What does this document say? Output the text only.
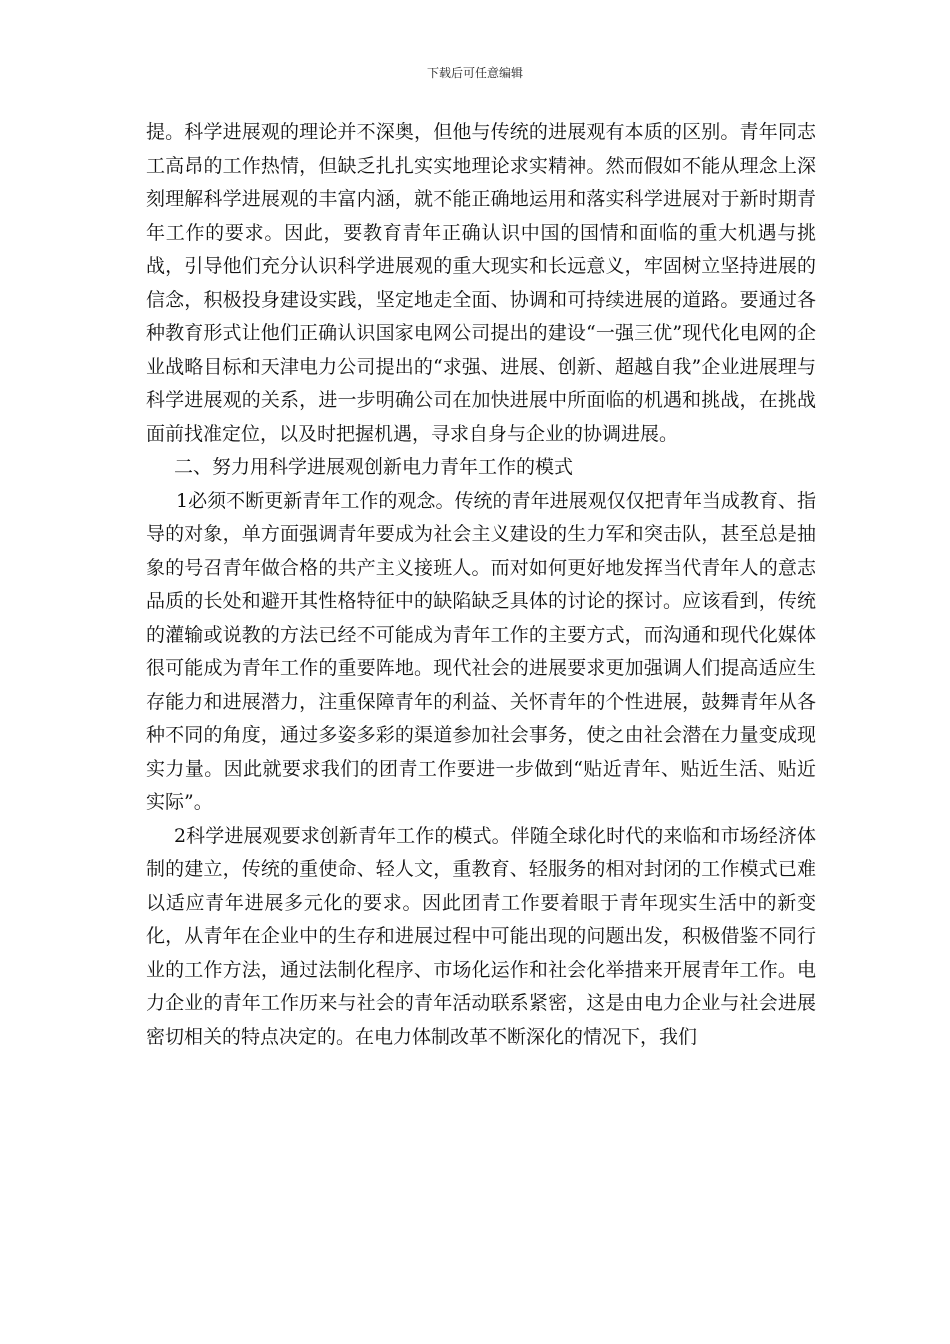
下载后可任意编辑

提。科学进展观的理论并不深奥，但他与传统的进展观有本质的区别。青年同志工高昂的工作热情，但缺乏扎扎实实地理论求实精神。然而假如不能从理念上深刻理解科学进展观的丰富内涵，就不能正确地运用和落实科学进展对于新时期青年工作的要求。因此，要教育青年正确认识中国的国情和面临的重大机遇与挑战，引导他们充分认识科学进展观的重大现实和长远意义，牢固树立坚持进展的信念，积极投身建设实践，坚定地走全面、协调和可持续进展的道路。要通过各种教育形式让他们正确认识国家电网公司提出的建设“一强三优”现代化电网的企业战略目标和天津电力公司提出的“求强、进展、创新、超越自我”企业进展理与科学进展观的关系，进一步明确公司在加快进展中所面临的机遇和挑战，在挑战面前找准定位，以及时把握机遇，寻求自身与企业的协调进展。

二、努力用科学进展观创新电力青年工作的模式

1必须不断更新青年工作的观念。传统的青年进展观仅仅把青年当成教育、指导的对象，单方面强调青年要成为社会主义建设的生力军和突击队，甚至总是抽象的号召青年做合格的共产主义接班人。而对如何更好地发挥当代青年人的意志品质的长处和避开其性格特征中的缺陷缺乏具体的讨论的探讨。应该看到，传统的灌输或说教的方法已经不可能成为青年工作的主要方式，而沟通和现代化媒体很可能成为青年工作的重要阵地。现代社会的进展要求更加强调人们提高适应生存能力和进展潜力，注重保障青年的利益、关怀青年的个性进展，鼓舞青年从各种不同的角度，通过多姿多彩的渠道参加社会事务，使之由社会潜在力量变成现实力量。因此就要求我们的团青工作要进一步做到“贴近青年、贴近生活、贴近实际”。

2科学进展观要求创新青年工作的模式。伴随全球化时代的来临和市场经济体制的建立，传统的重使命、轻人文，重教育、轻服务的相对封闭的工作模式已难以适应青年进展多元化的要求。因此团青工作要着眼于青年现实生活中的新变化，从青年在企业中的生存和进展过程中可能出现的问题出发，积极借鉴不同行业的工作方法，通过法制化程序、市场化运作和社会化举措来开展青年工作。电力企业的青年工作历来与社会的青年活动联系紧密，这是由电力企业与社会进展密切相关的特点决定的。在电力体制改革不断深化的情况下，我们
